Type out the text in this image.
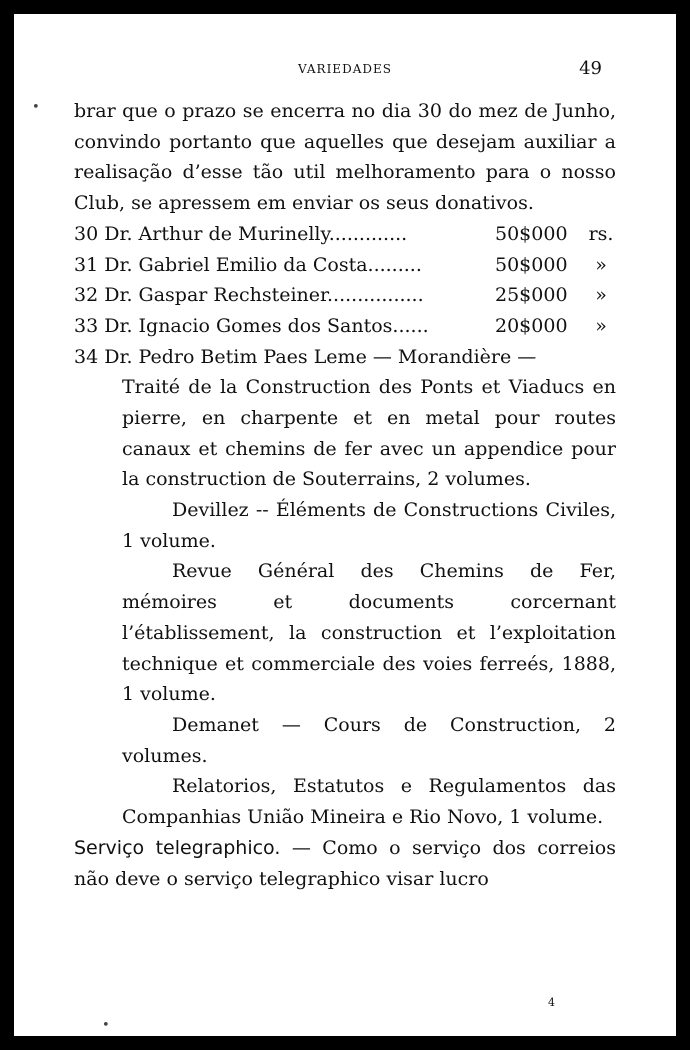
VARIEDADES	49
•
•

brar que o prazo se encerra no dia 30 do mez de Junho, convindo portanto que aquelles que desejam auxiliar a realisação d’esse tão util melhoramento para o nosso Club, se apressem em enviar os seus donativos.

30 Dr. Arthur de Murinelly.............	50$000 rs.
31 Dr. Gabriel Emilio da Costa.........	50$000	»
32 Dr. Gaspar Rechsteiner................	25$000	»
33 Dr. Ignacio Gomes dos Santos......	20$000	»

34 Dr. Pedro Betim Paes Leme — Morandière —

Traité de la Construction des Ponts et Viaducs en pierre, en charpente et en metal pour routes canaux et chemins de fer avec un appendice pour la construction de Souterrains, 2 volumes.

Devillez -- Éléments de Constructions Civiles, 1 volume.

Revue Général des Chemins de Fer, mémoires et documents corcernant l’établissement, la construction et l’exploitation technique et commerciale des voies ferreés, 1888, 1 volume.

Demanet — Cours de Construction, 2 volumes.

Relatorios, Estatutos e Regulamentos das Companhias União Mineira e Rio Novo, 1 volume.

Serviço telegraphico. — Como o serviço dos correios não deve o serviço telegraphico visar lucro

4
